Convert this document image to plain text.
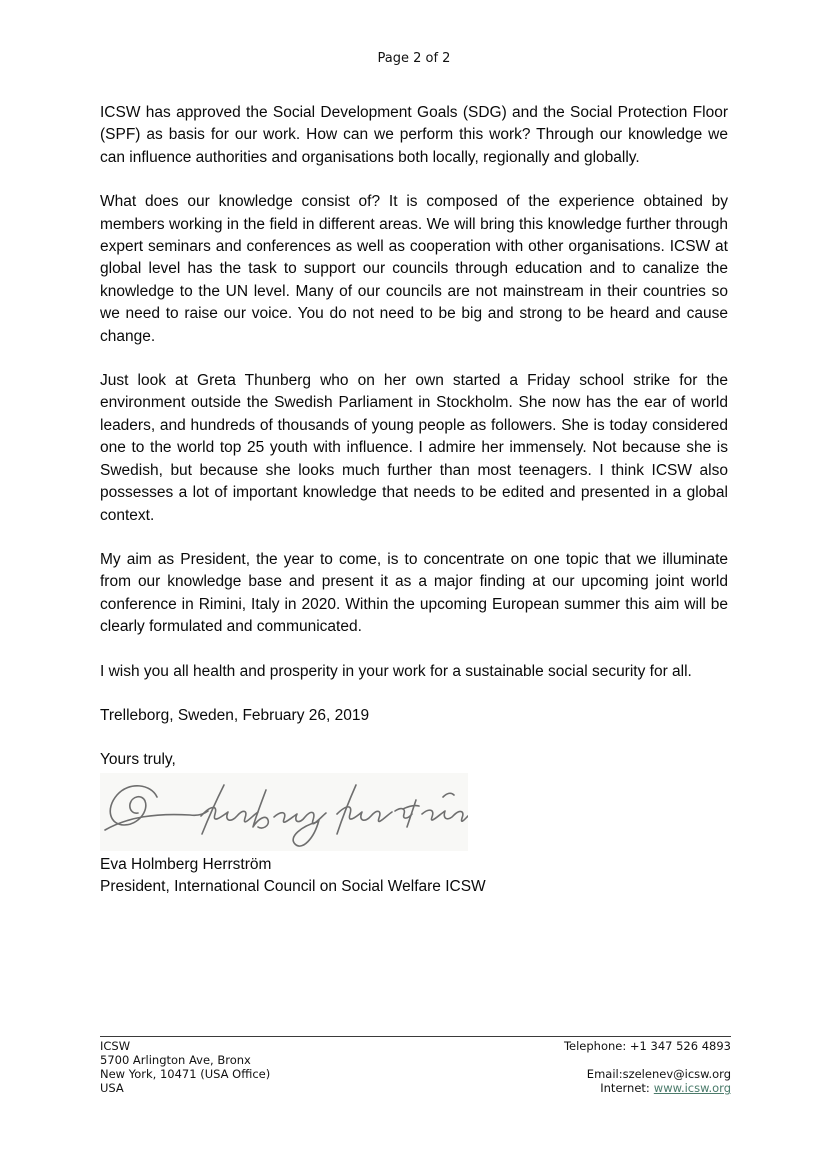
Page 2 of 2

ICSW has approved the Social Development Goals (SDG) and the Social Protection Floor (SPF) as basis for our work. How can we perform this work? Through our knowledge we can influence authorities and organisations both locally, regionally and globally.

What does our knowledge consist of? It is composed of the experience obtained by members working in the field in different areas. We will bring this knowledge further through expert seminars and conferences as well as cooperation with other organisations. ICSW at global level has the task to support our councils through education and to canalize the knowledge to the UN level. Many of our councils are not mainstream in their countries so we need to raise our voice. You do not need to be big and strong to be heard and cause change.

Just look at Greta Thunberg who on her own started a Friday school strike for the environment outside the Swedish Parliament in Stockholm. She now has the ear of world leaders, and hundreds of thousands of young people as followers. She is today considered one to the world top 25 youth with influence. I admire her immensely. Not because she is Swedish, but because she looks much further than most teenagers. I think ICSW also possesses a lot of important knowledge that needs to be edited and presented in a global context.

My aim as President, the year to come, is to concentrate on one topic that we illuminate from our knowledge base and present it as a major finding at our upcoming joint world conference in Rimini, Italy in 2020. Within the upcoming European summer this aim will be clearly formulated and communicated.

I wish you all health and prosperity in your work for a sustainable social security for all.

Trelleborg, Sweden, February 26, 2019
Yours truly,
Eva Holmberg Herrström
President, International Council on Social Welfare ICSW
ICSW
5700 Arlington Ave, Bronx
New York, 10471 (USA Office)
USA
Telephone: +1 347 526 4893
Email:szelenev@icsw.org
Internet: www.icsw.org
